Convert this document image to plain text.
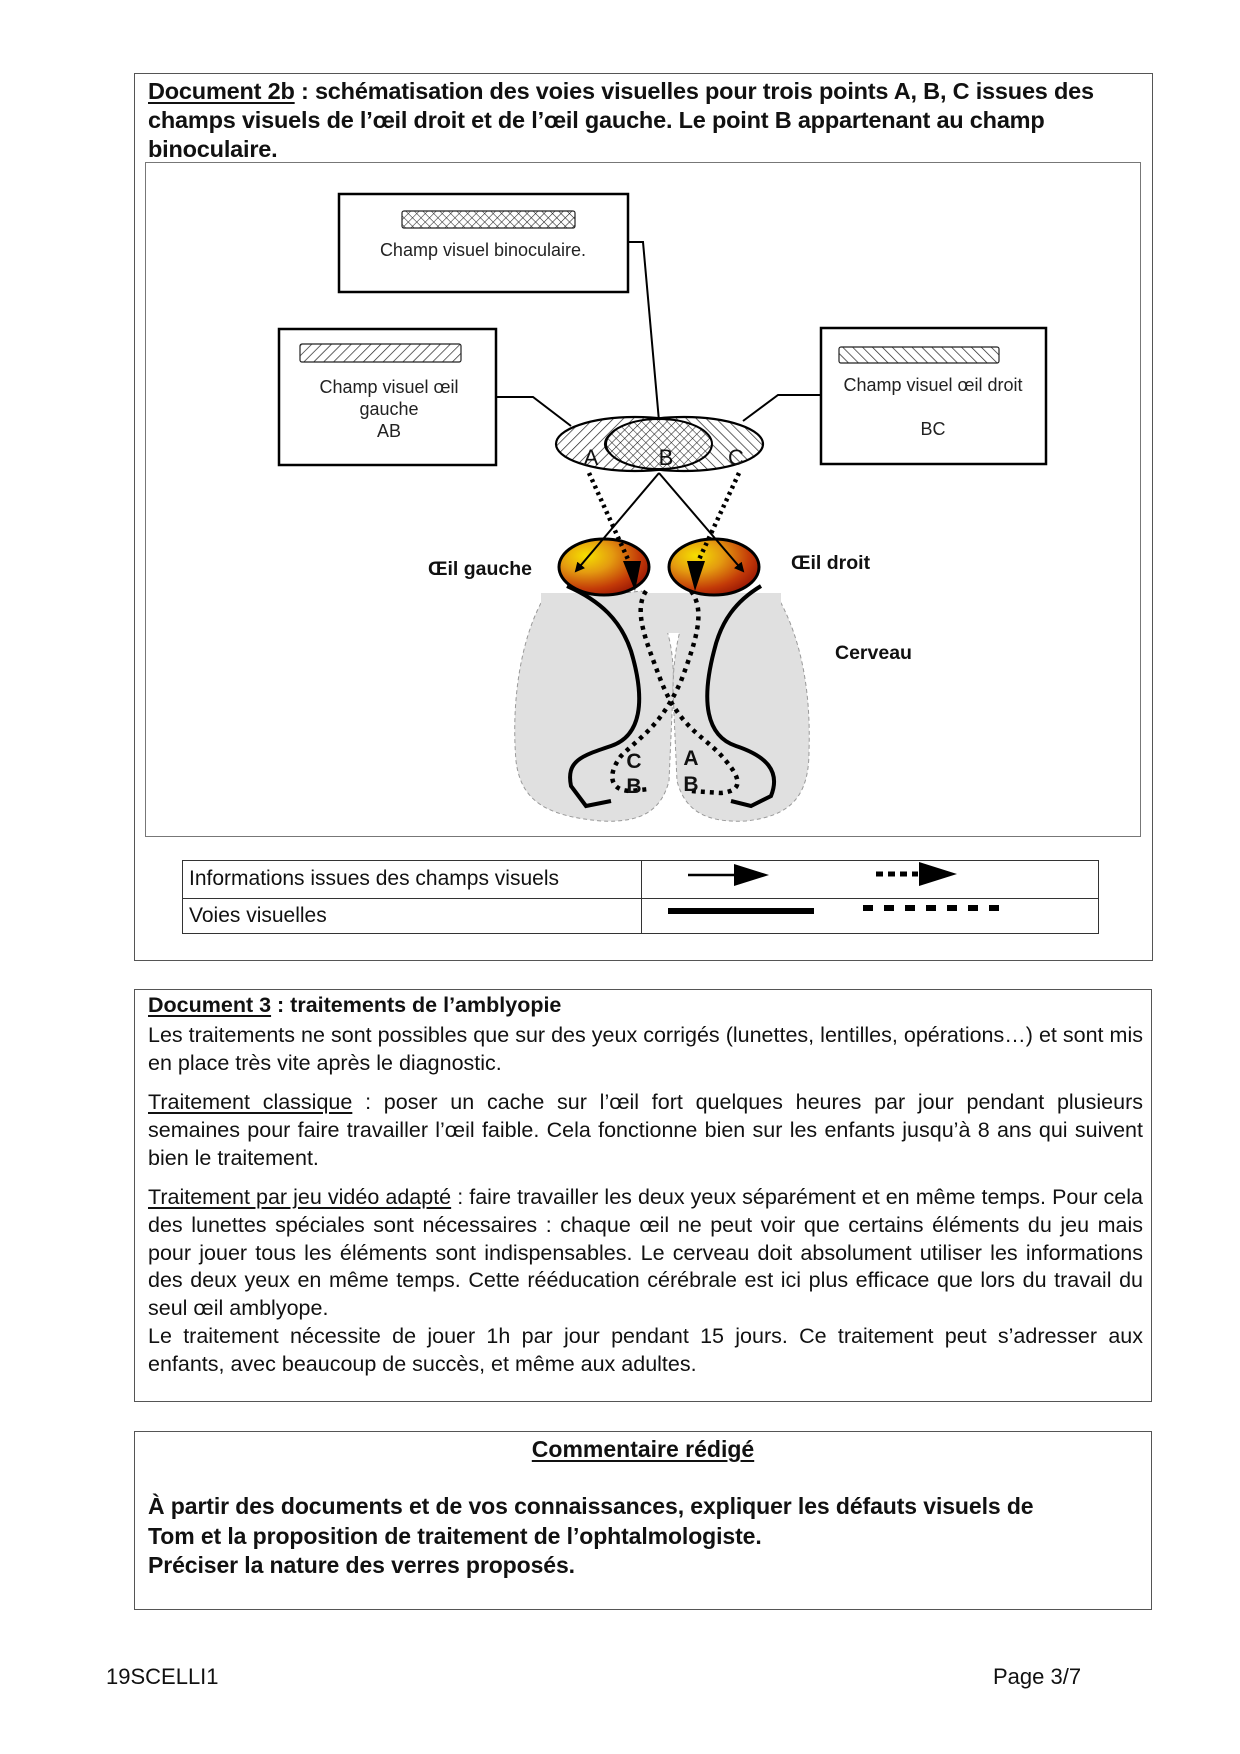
Document 2b : schématisation des voies visuelles pour trois points A, B, C issues des champs visuels de l’œil droit et de l’œil gauche. Le point B appartenant au champ binoculaire.
Champ visuel binoculaire.
Champ visuel œil
gauche
AB
Champ visuel œil droit
BC
A	B C
Œil gauche	Œil droit
Cerveau
C
B
A
B
Informations issues des champs visuels
Voies visuelles
Document 3 : traitements de l’amblyopie

Les traitements ne sont possibles que sur des yeux corrigés (lunettes, lentilles, opérations…) et sont mis en place très vite après le diagnostic.

Traitement classique : poser un cache sur l’œil fort quelques heures par jour pendant plusieurs semaines pour faire travailler l’œil faible. Cela fonctionne bien sur les enfants jusqu’à 8 ans qui suivent bien le traitement.

Traitement par jeu vidéo adapté : faire travailler les deux yeux séparément et en même temps. Pour cela des lunettes spéciales sont nécessaires : chaque œil ne peut voir que certains éléments du jeu mais pour jouer tous les éléments sont indispensables. Le cerveau doit absolument utiliser les informations des deux yeux en même temps. Cette rééducation cérébrale est ici plus efficace que lors du travail du seul œil amblyope.

Le traitement nécessite de jouer 1h par jour pendant 15 jours. Ce traitement peut s’adresser aux enfants, avec beaucoup de succès, et même aux adultes.

Commentaire rédigé
À partir des documents et de vos connaissances, expliquer les défauts visuels de
Tom et la proposition de traitement de l’ophtalmologiste.
Préciser la nature des verres proposés.
19SCELLI1	Page 3/7
